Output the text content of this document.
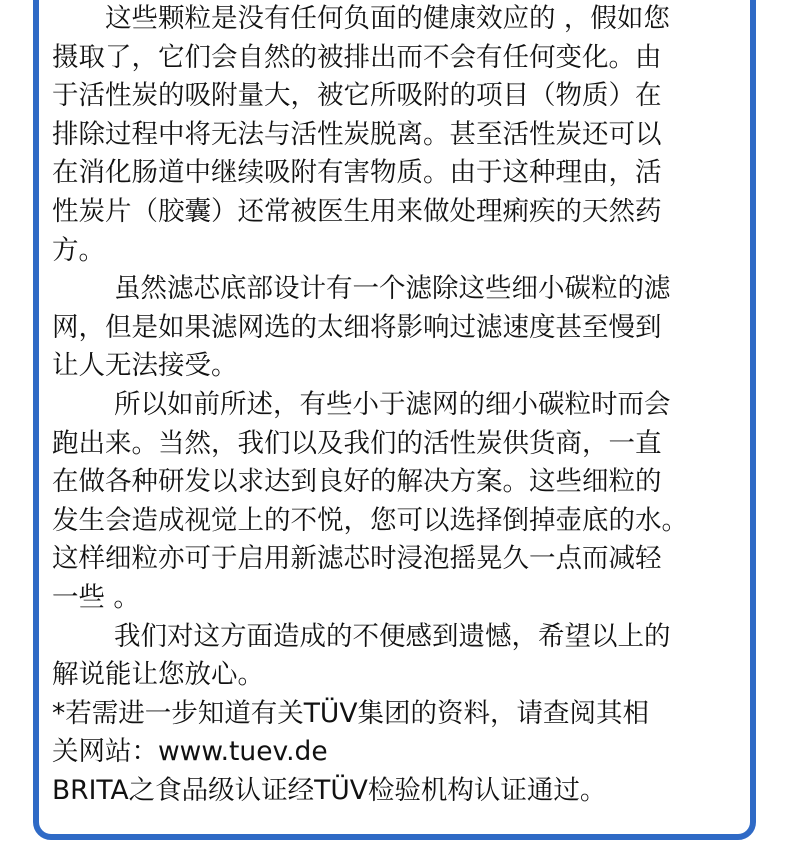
这些颗粒是没有任何负面的健康效应的 ，假如您
摄取了，它们会自然的被排出而不会有任何变化。由
于活性炭的吸附量大，被它所吸附的项目（物质）在
排除过程中将无法与活性炭脱离。甚至活性炭还可以
在消化肠道中继续吸附有害物质。由于这种理由，活
性炭片（胶囊）还常被医生用来做处理痢疾的天然药
方。

虽然滤芯底部设计有一个滤除这些细小碳粒的滤
网，但是如果滤网选的太细将影响过滤速度甚至慢到
让人无法接受。

所以如前所述，有些小于滤网的细小碳粒时而会
跑出来。当然，我们以及我们的活性炭供货商，一直
在做各种研发以求达到良好的解决方案。这些细粒的
发生会造成视觉上的不悦，您可以选择倒掉壶底的水。
这样细粒亦可于启用新滤芯时浸泡摇晃久一点而减轻
一些 。

我们对这方面造成的不便感到遗憾，希望以上的
解说能让您放心。

*若需进一步知道有关TÜV集团的资料，请查阅其相
关网站：www.tuev.de
BRITA之食品级认证经TÜV检验机构认证通过。
